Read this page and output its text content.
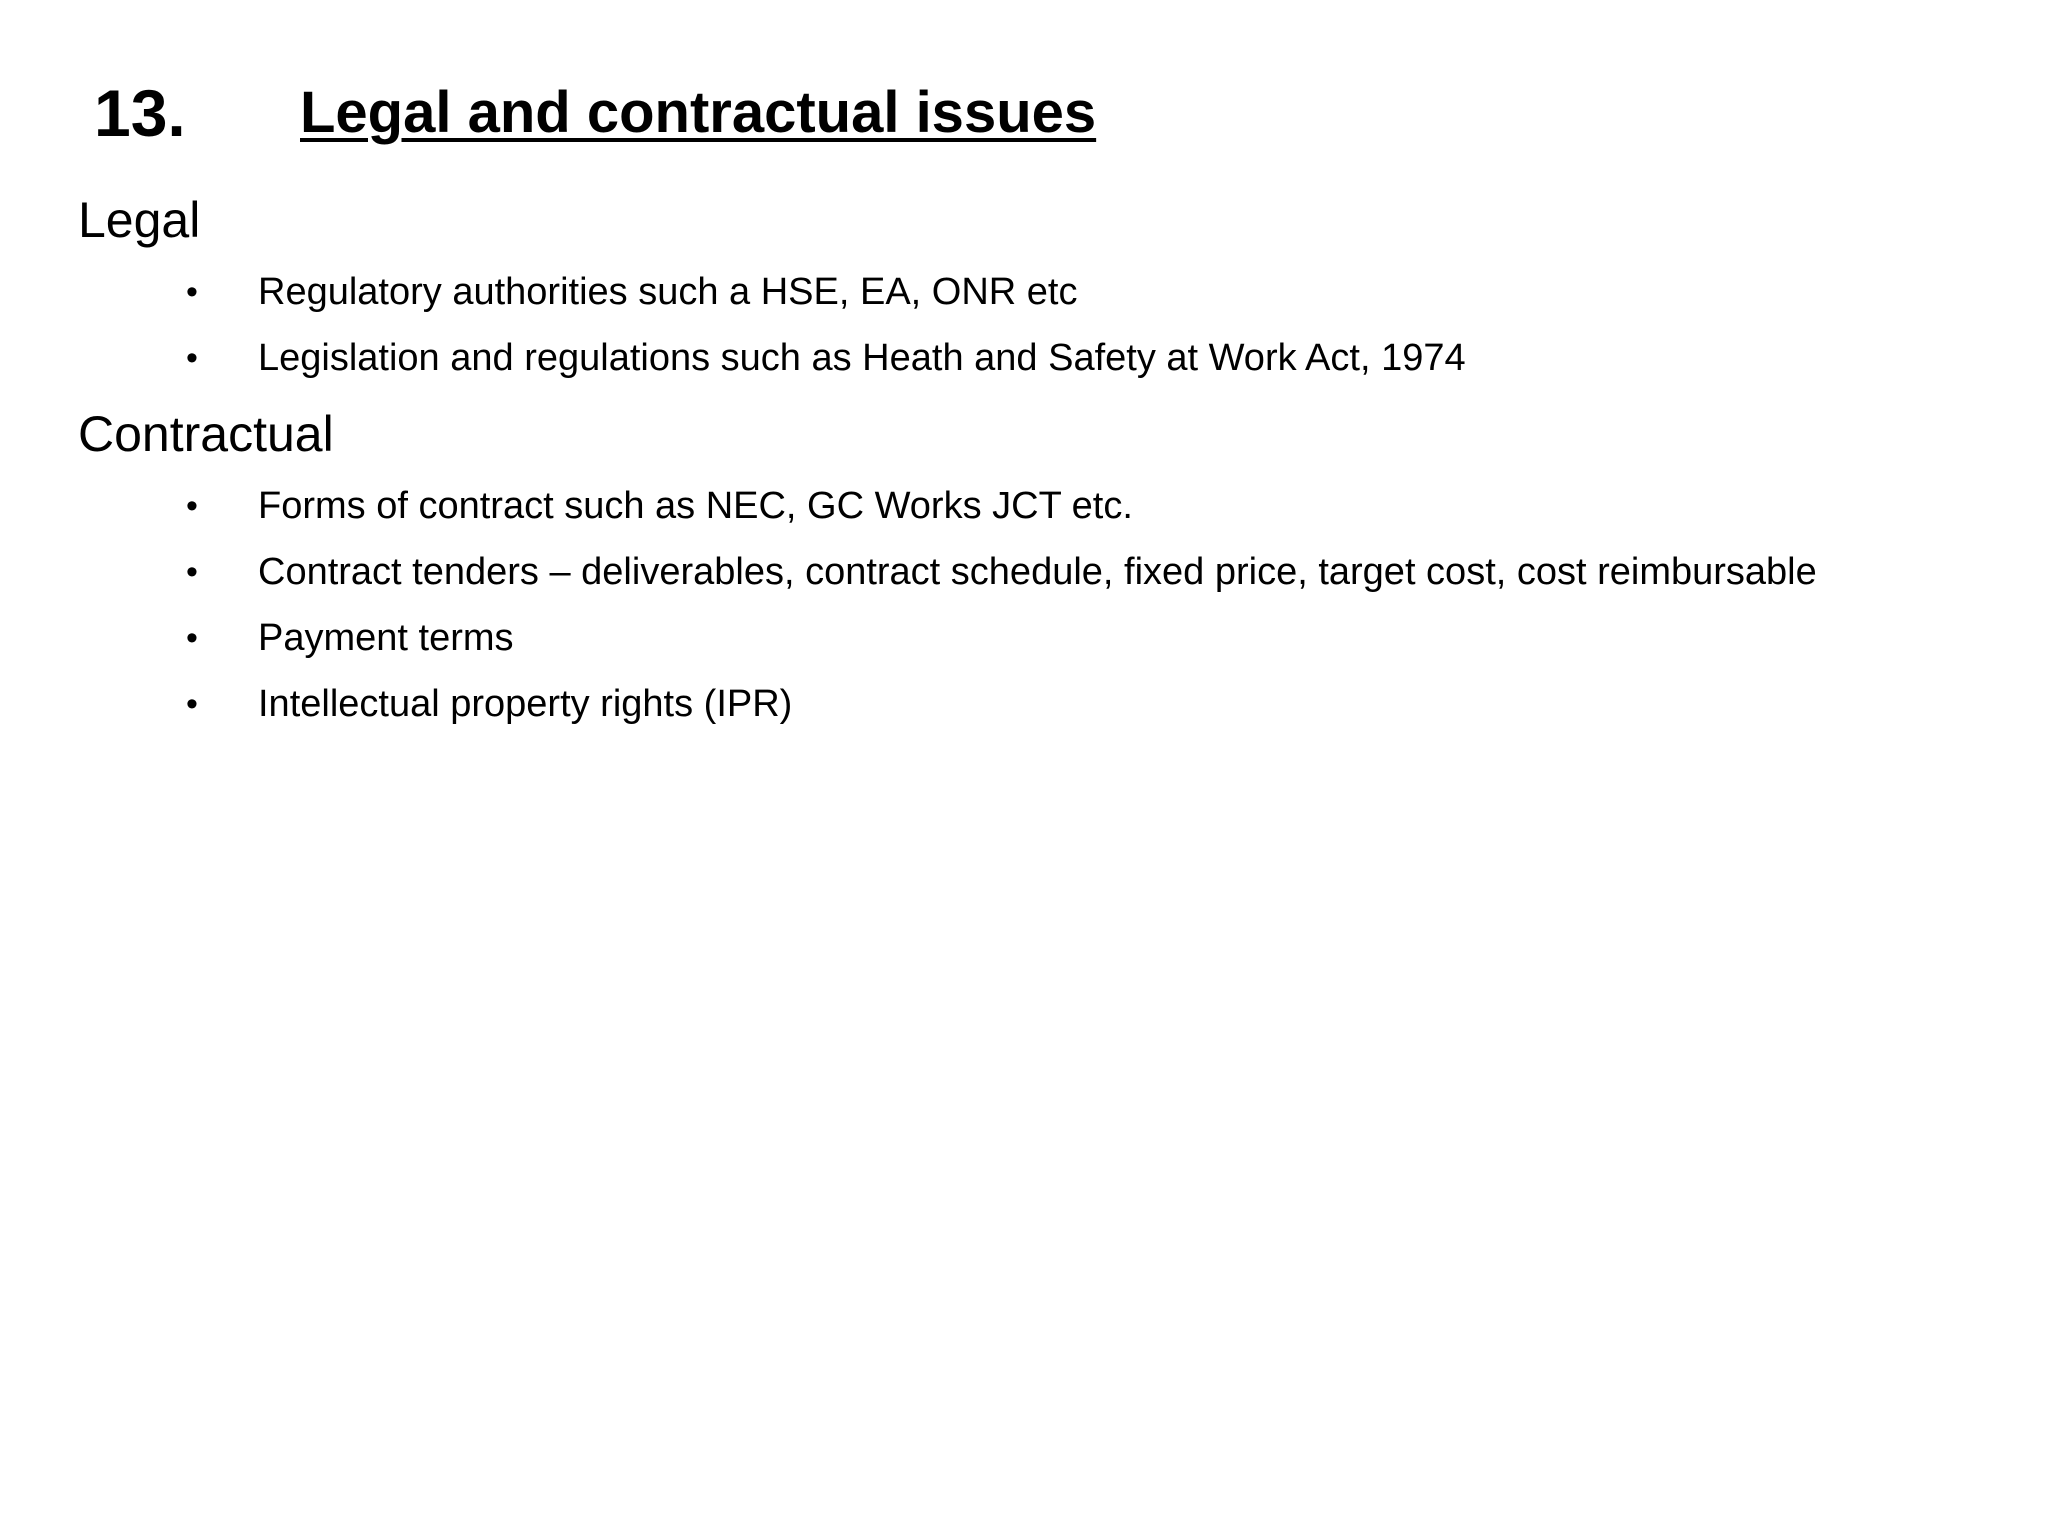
13. Legal and contractual issues
Legal
• Regulatory authorities such a HSE, EA, ONR etc
• Legislation and regulations such as Heath and Safety at Work Act, 1974
Contractual
• Forms of contract such as NEC, GC Works JCT etc.
• Contract tenders – deliverables, contract schedule, fixed price, target cost, cost reimbursable
• Payment terms
• Intellectual property rights (IPR)
